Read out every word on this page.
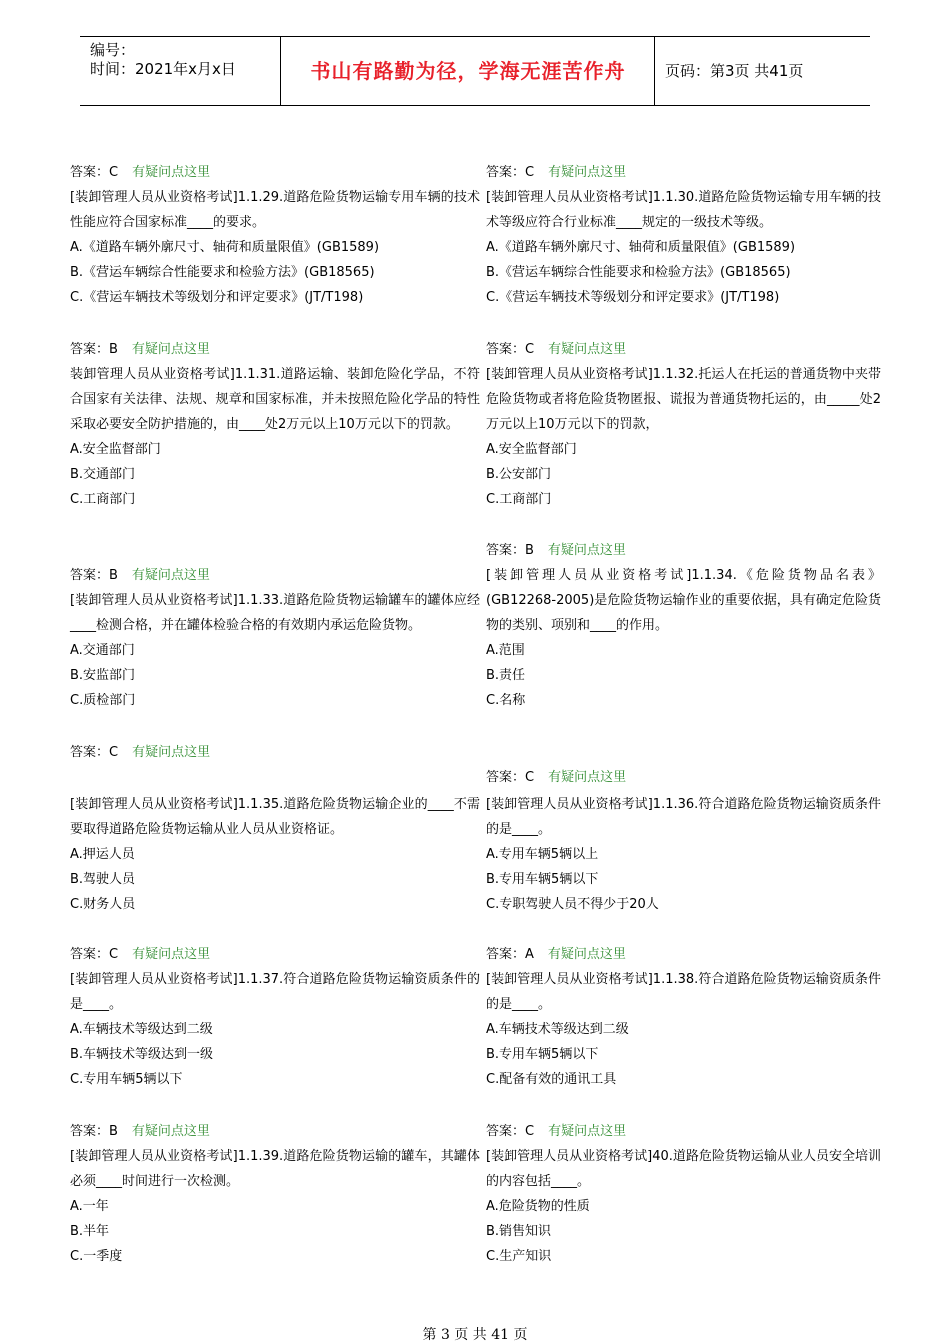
编号：
时间：2021年x月x日	书山有路勤为径，学海无涯苦作舟	页码：第3页 共41页
答案：C 有疑问点这里
[装卸管理人员从业资格考试]1.1.29.道路危险货物运输专用车辆的技术性能应符合国家标准____的要求。
A.《道路车辆外廓尺寸、轴荷和质量限值》(GB1589)
B.《营运车辆综合性能要求和检验方法》(GB18565)
C.《营运车辆技术等级划分和评定要求》(JT/T198)
答案：B 有疑问点这里
装卸管理人员从业资格考试]1.1.31.道路运输、装卸危险化学品，不符合国家有关法律、法规、规章和国家标准，并未按照危险化学品的特性采取必要安全防护措施的，由____处2万元以上10万元以下的罚款。
A.安全监督部门
B.交通部门
C.工商部门
答案：B 有疑问点这里
[装卸管理人员从业资格考试]1.1.33.道路危险货物运输罐车的罐体应经____检测合格，并在罐体检验合格的有效期内承运危险货物。
A.交通部门
B.安监部门
C.质检部门
答案：C 有疑问点这里
[装卸管理人员从业资格考试]1.1.35.道路危险货物运输企业的____不需要取得道路危险货物运输从业人员从业资格证。
A.押运人员
B.驾驶人员
C.财务人员
答案：C 有疑问点这里
[装卸管理人员从业资格考试]1.1.37.符合道路危险货物运输资质条件的是____。
A.车辆技术等级达到二级
B.车辆技术等级达到一级
C.专用车辆5辆以下
答案：B 有疑问点这里
[装卸管理人员从业资格考试]1.1.39.道路危险货物运输的罐车，其罐体必须____时间进行一次检测。
A.一年
B.半年
C.一季度
答案：C 有疑问点这里
[装卸管理人员从业资格考试]1.1.30.道路危险货物运输专用车辆的技术等级应符合行业标准____规定的一级技术等级。
A.《道路车辆外廓尺寸、轴荷和质量限值》(GB1589)
B.《营运车辆综合性能要求和检验方法》(GB18565)
C.《营运车辆技术等级划分和评定要求》(JT/T198)
答案：C 有疑问点这里
[装卸管理人员从业资格考试]1.1.32.托运人在托运的普通货物中夹带危险货物或者将危险货物匿报、谎报为普通货物托运的，由_____处2万元以上10万元以下的罚款，
A.安全监督部门
B.公安部门
C.工商部门
答案：B 有疑问点这里
[装卸管理人员从业资格考试]1.1.34.《危险货物品名表》(GB12268-2005)是危险货物运输作业的重要依据，具有确定危险货物的类别、项别和____的作用。
A.范围
B.责任
C.名称
答案：C 有疑问点这里
[装卸管理人员从业资格考试]1.1.36.符合道路危险货物运输资质条件的是____。
A.专用车辆5辆以上
B.专用车辆5辆以下
C.专职驾驶人员不得少于20人
答案：A 有疑问点这里
[装卸管理人员从业资格考试]1.1.38.符合道路危险货物运输资质条件的是____。
A.车辆技术等级达到二级
B.专用车辆5辆以下
C.配备有效的通讯工具
答案：C 有疑问点这里
[装卸管理人员从业资格考试]40.道路危险货物运输从业人员安全培训的内容包括____。
A.危险货物的性质
B.销售知识
C.生产知识
第 3 页 共 41 页
